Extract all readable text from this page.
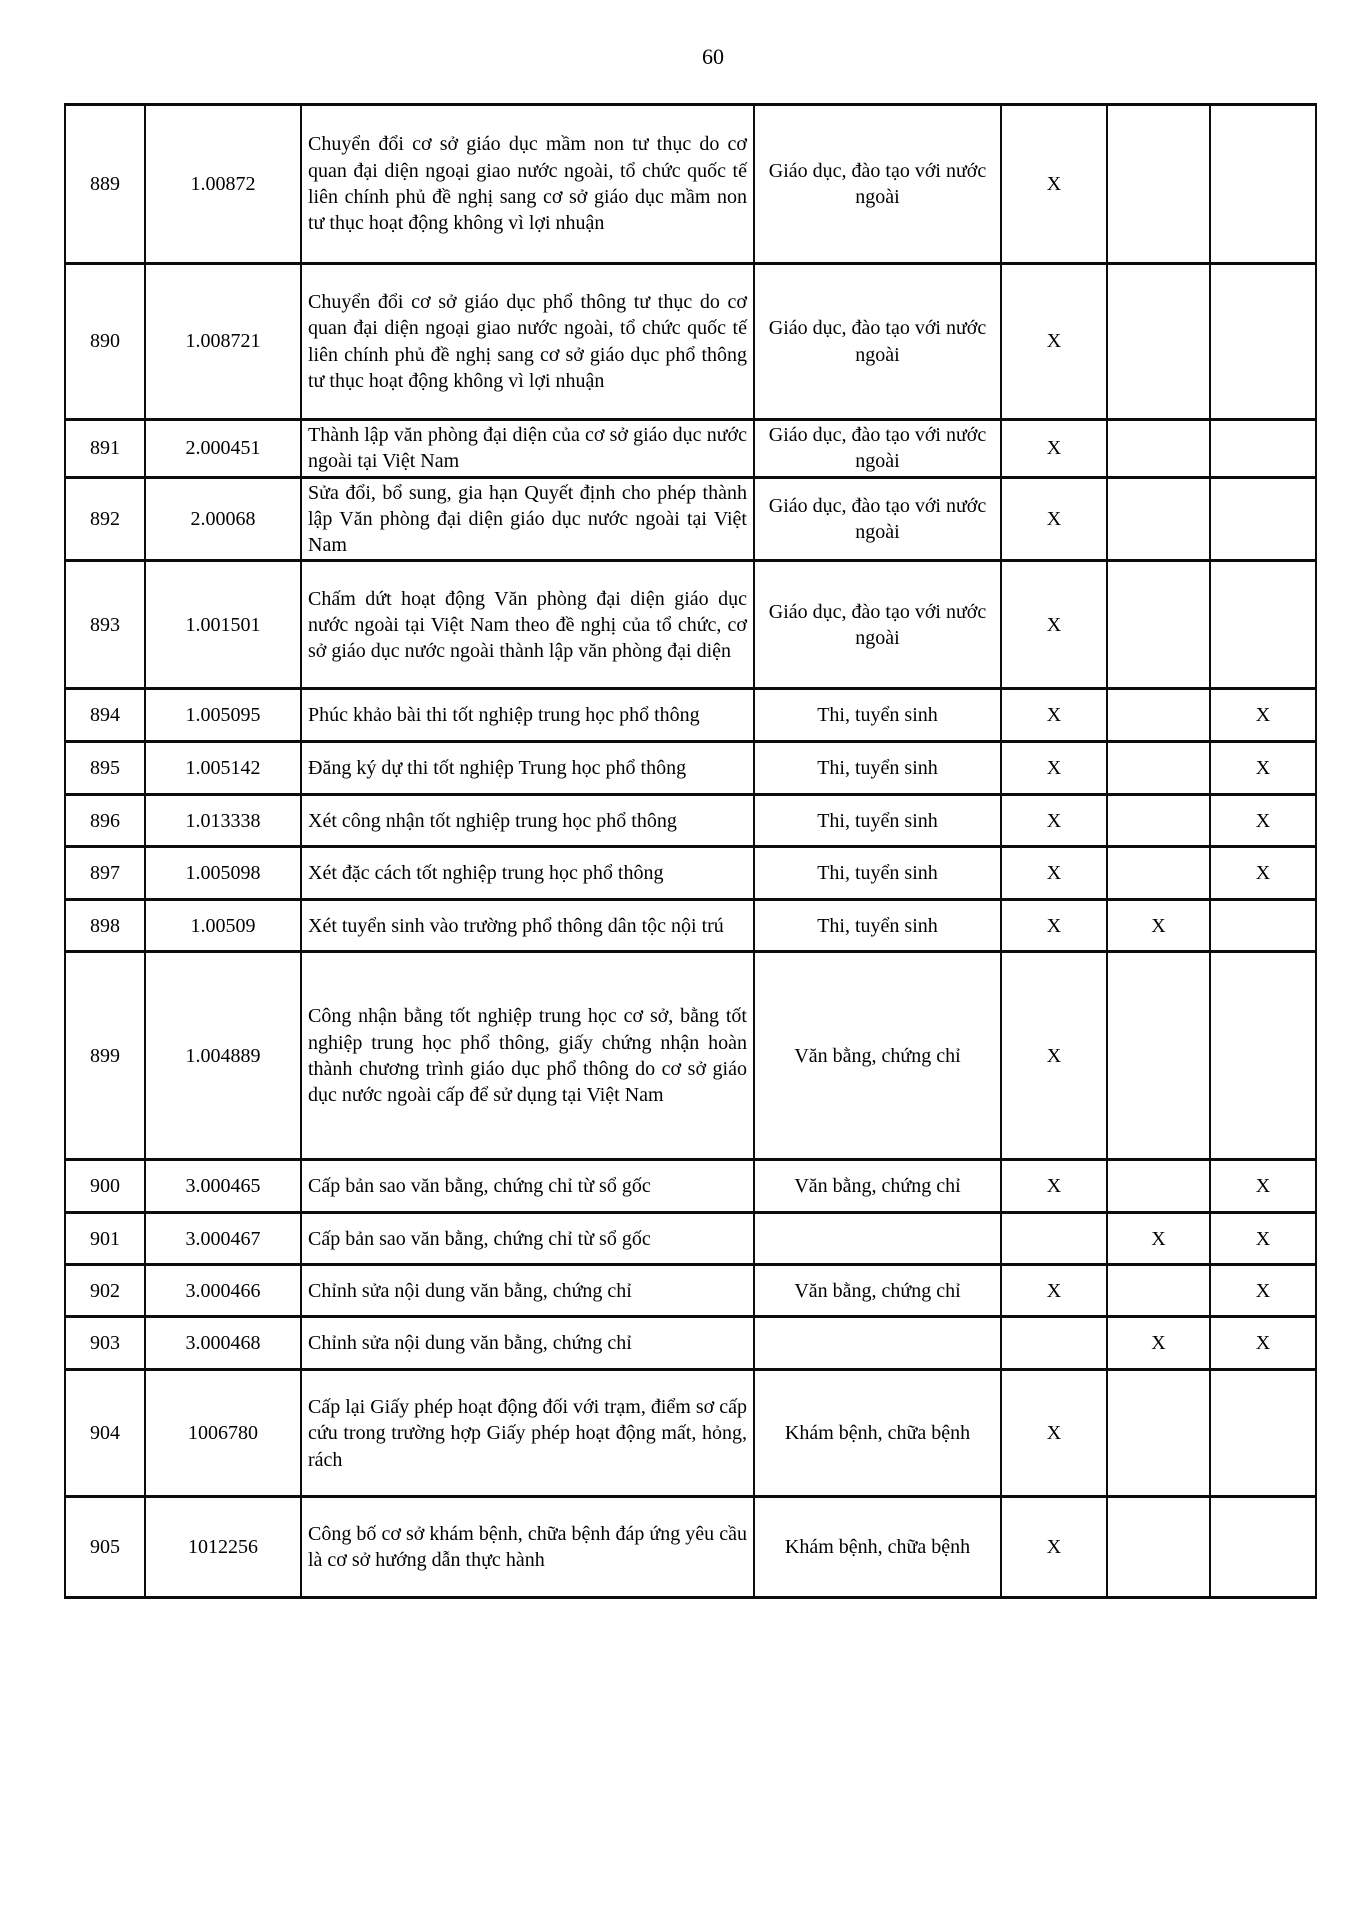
60
889	1.00872	Chuyển đổi cơ sở giáo dục mầm non tư thục do cơ quan đại diện ngoại giao nước ngoài, tổ chức quốc tế liên chính phủ đề nghị sang cơ sở giáo dục mầm non tư thục hoạt động không vì lợi nhuận	Giáo dục, đào tạo với nước ngoài	X		
890	1.008721	Chuyển đổi cơ sở giáo dục phổ thông tư thục do cơ quan đại diện ngoại giao nước ngoài, tổ chức quốc tế liên chính phủ đề nghị sang cơ sở giáo dục phổ thông tư thục hoạt động không vì lợi nhuận	Giáo dục, đào tạo với nước ngoài	X		
891	2.000451	Thành lập văn phòng đại diện của cơ sở giáo dục nước ngoài tại Việt Nam	Giáo dục, đào tạo với nước ngoài	X		
892	2.00068	Sửa đổi, bổ sung, gia hạn Quyết định cho phép thành lập Văn phòng đại diện giáo dục nước ngoài tại Việt Nam	Giáo dục, đào tạo với nước ngoài	X		
893	1.001501	Chấm dứt hoạt động Văn phòng đại diện giáo dục nước ngoài tại Việt Nam theo đề nghị của tổ chức, cơ sở giáo dục nước ngoài thành lập văn phòng đại diện	Giáo dục, đào tạo với nước ngoài	X		
894	1.005095	Phúc khảo bài thi tốt nghiệp trung học phổ thông	Thi, tuyển sinh	X		X
895	1.005142	Đăng ký dự thi tốt nghiệp Trung học phổ thông	Thi, tuyển sinh	X		X
896	1.013338	Xét công nhận tốt nghiệp trung học phổ thông	Thi, tuyển sinh	X		X
897	1.005098	Xét đặc cách tốt nghiệp trung học phổ thông	Thi, tuyển sinh	X		X
898	1.00509	Xét tuyển sinh vào trường phổ thông dân tộc nội trú	Thi, tuyển sinh	X	X	
899	1.004889	Công nhận bằng tốt nghiệp trung học cơ sở, bằng tốt nghiệp trung học phổ thông, giấy chứng nhận hoàn thành chương trình giáo dục phổ thông do cơ sở giáo dục nước ngoài cấp để sử dụng tại Việt Nam	Văn bằng, chứng chỉ	X		
900	3.000465	Cấp bản sao văn bằng, chứng chỉ từ sổ gốc	Văn bằng, chứng chỉ	X		X
901	3.000467	Cấp bản sao văn bằng, chứng chỉ từ sổ gốc			X	X
902	3.000466	Chỉnh sửa nội dung văn bằng, chứng chỉ	Văn bằng, chứng chỉ	X		X
903	3.000468	Chỉnh sửa nội dung văn bằng, chứng chỉ			X	X
904	1006780	Cấp lại Giấy phép hoạt động đối với trạm, điểm sơ cấp cứu trong trường hợp Giấy phép hoạt động mất, hỏng, rách	Khám bệnh, chữa bệnh	X		
905	1012256	Công bố cơ sở khám bệnh, chữa bệnh đáp ứng yêu cầu là cơ sở hướng dẫn thực hành	Khám bệnh, chữa bệnh	X		
